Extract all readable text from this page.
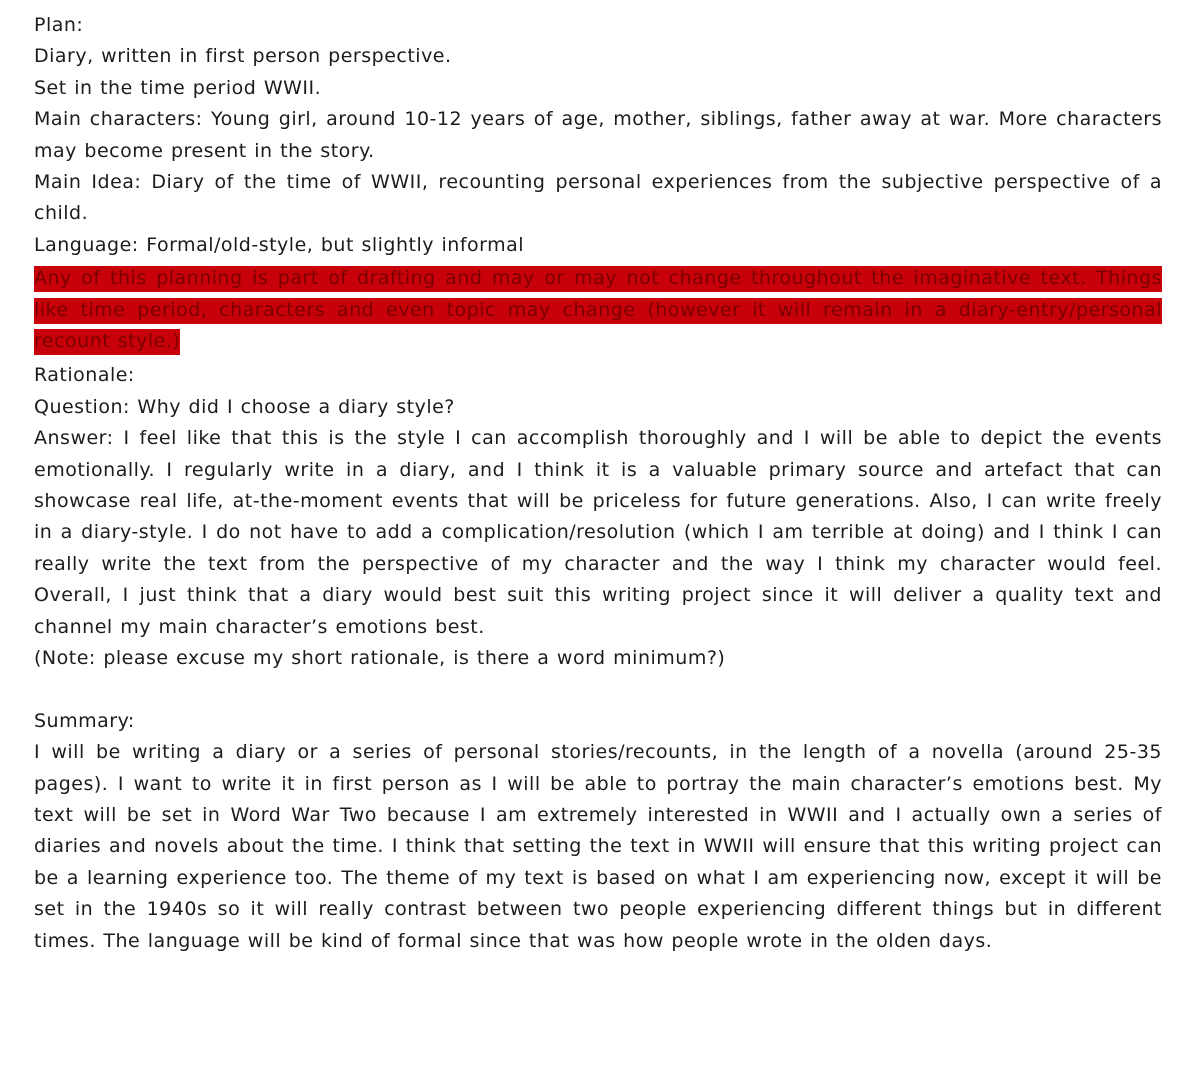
Plan:
Diary, written in first person perspective.
Set in the time period WWII.
Main characters: Young girl, around 10-12 years of age, mother, siblings, father away at war. More characters may become present in the story.
Main Idea: Diary of the time of WWII, recounting personal experiences from the subjective perspective of a child.
Language: Formal/old-style, but slightly informal
Any of this planning is part of drafting and may or may not change throughout the imaginative text. Things like time period, characters and even topic may change (however it will remain in a diary-entry/personal recount style.)
Rationale:
Question: Why did I choose a diary style?
Answer: I feel like that this is the style I can accomplish thoroughly and I will be able to depict the events emotionally. I regularly write in a diary, and I think it is a valuable primary source and artefact that can showcase real life, at-the-moment events that will be priceless for future generations. Also, I can write freely in a diary-style. I do not have to add a complication/resolution (which I am terrible at doing) and I think I can really write the text from the perspective of my character and the way I think my character would feel. Overall, I just think that a diary would best suit this writing project since it will deliver a quality text and channel my main character’s emotions best.
(Note: please excuse my short rationale, is there a word minimum?)
Summary:
I will be writing a diary or a series of personal stories/recounts, in the length of a novella (around 25-35 pages). I want to write it in first person as I will be able to portray the main character’s emotions best. My text will be set in Word War Two because I am extremely interested in WWII and I actually own a series of diaries and novels about the time. I think that setting the text in WWII will ensure that this writing project can be a learning experience too. The theme of my text is based on what I am experiencing now, except it will be set in the 1940s so it will really contrast between two people experiencing different things but in different times. The language will be kind of formal since that was how people wrote in the olden days.
